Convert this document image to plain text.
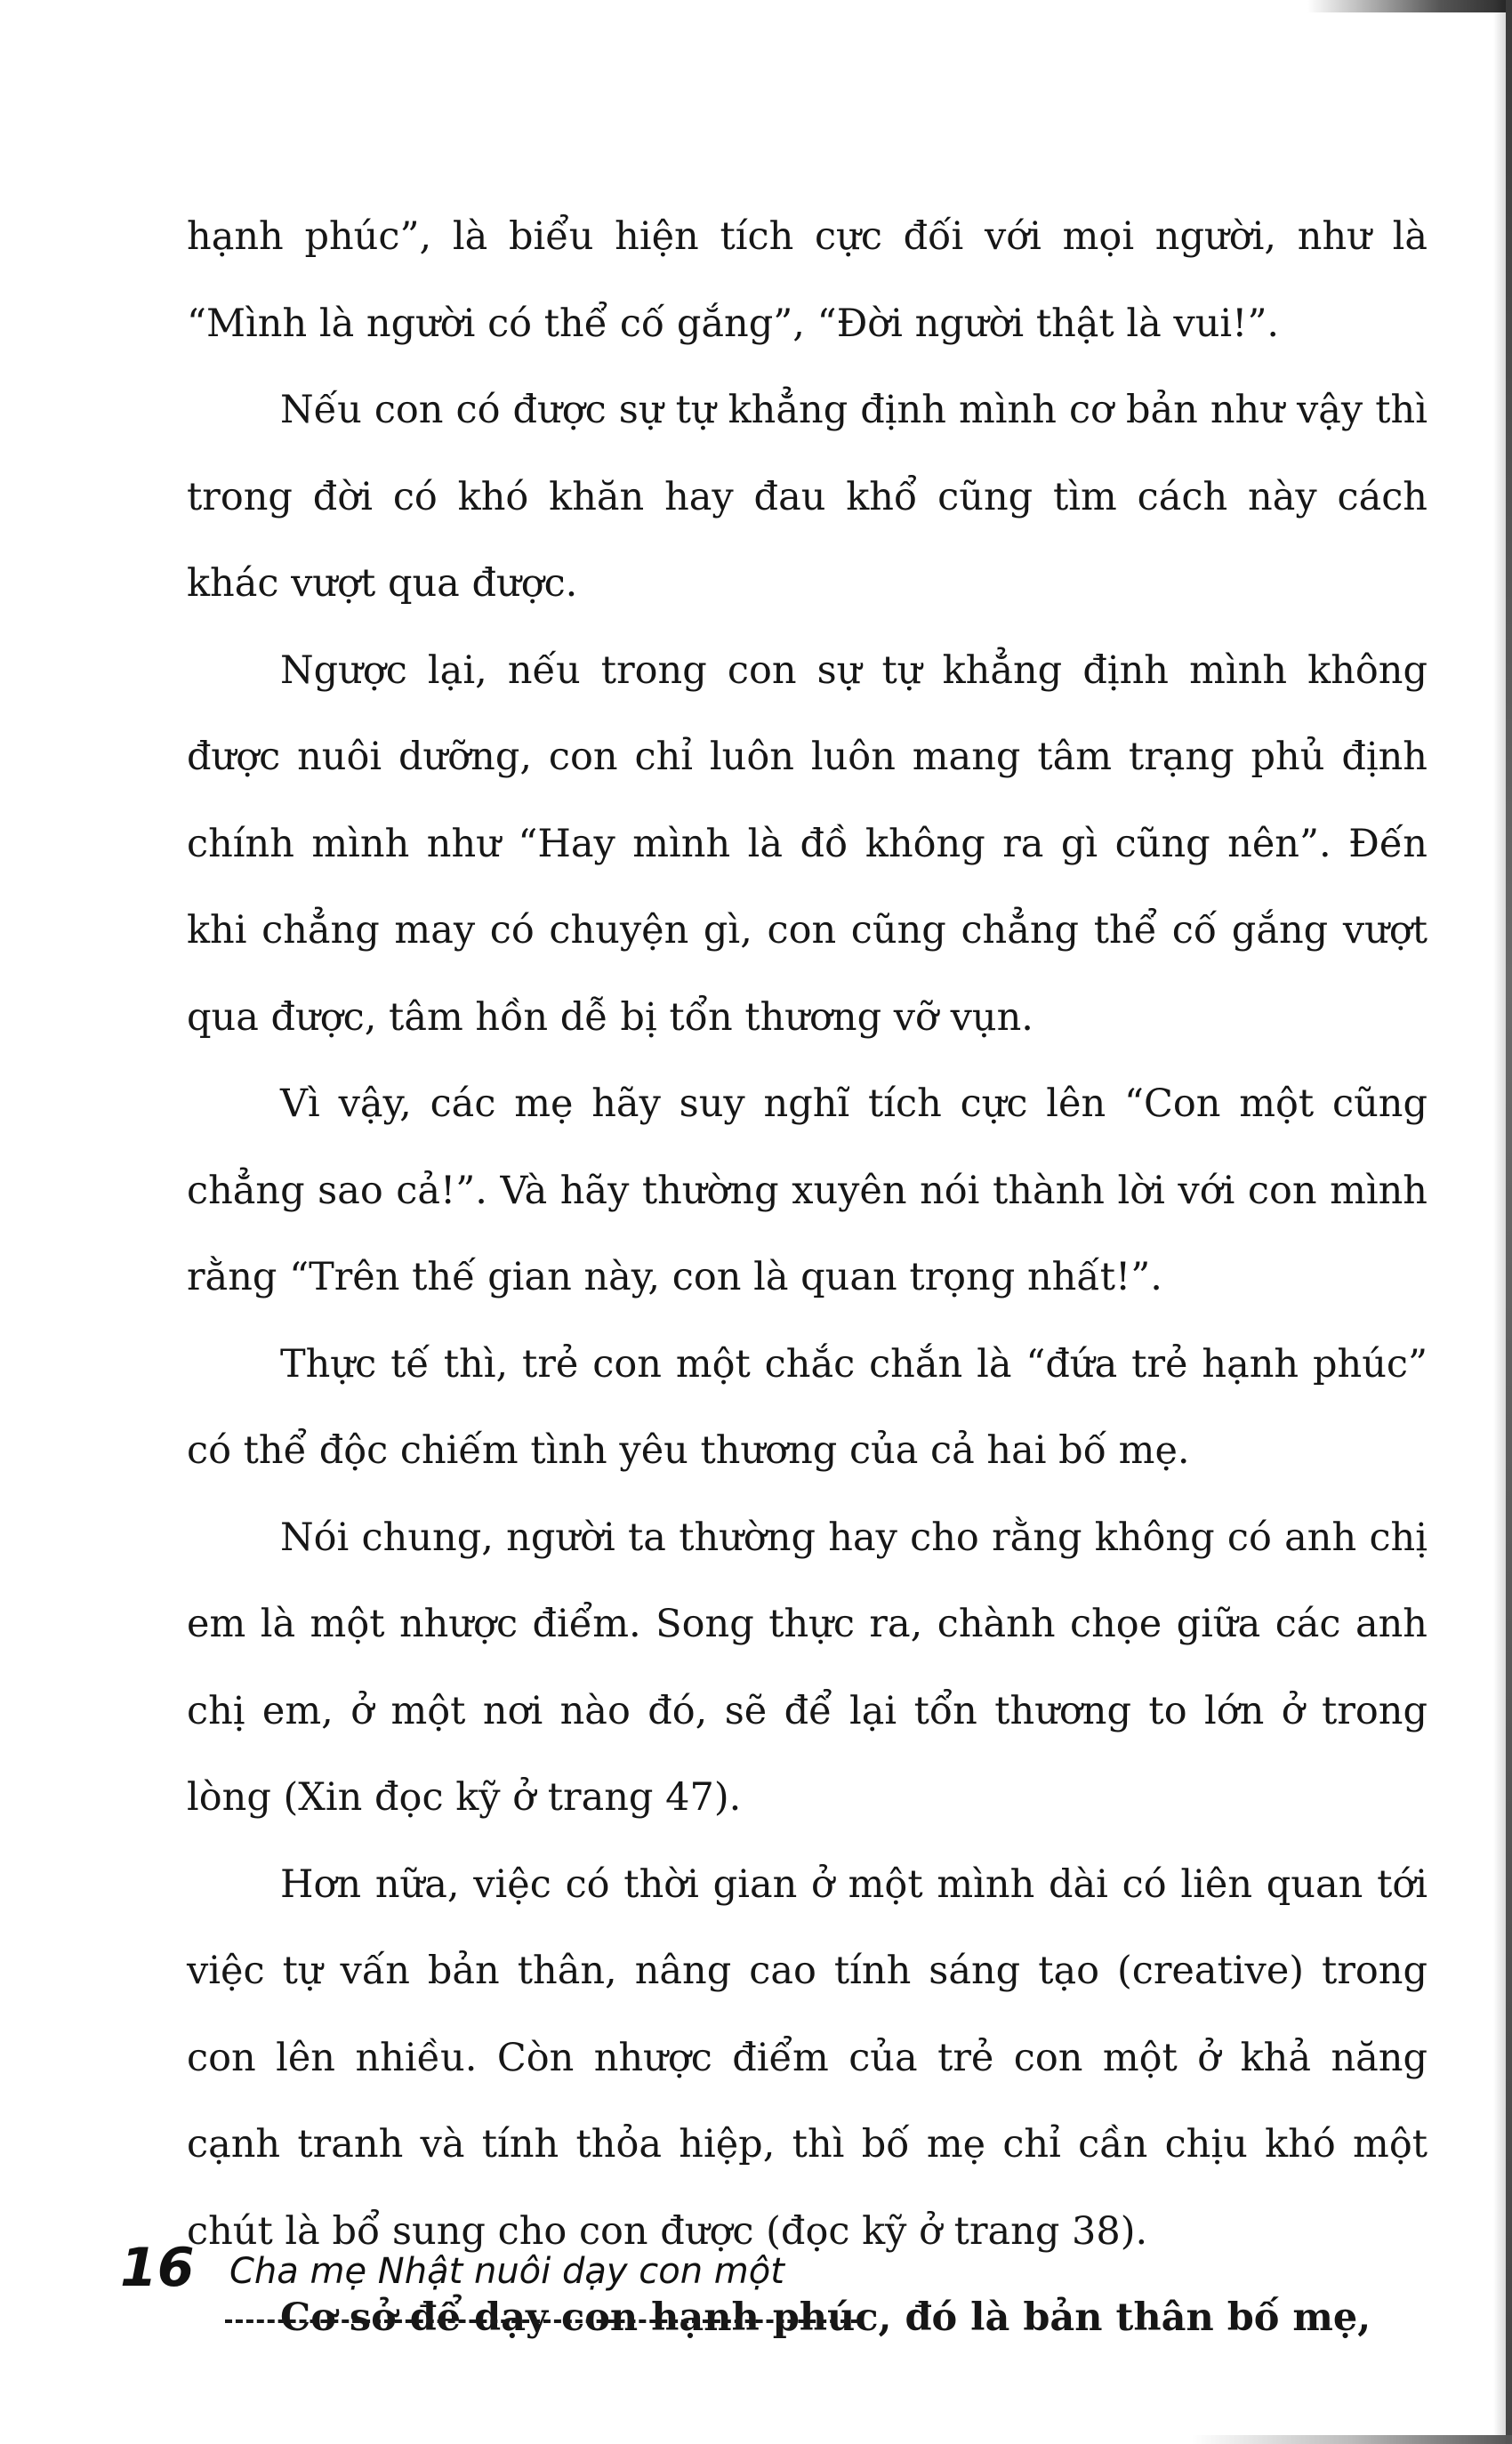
hạnh phúc”, là biểu hiện tích cực đối với mọi người, như là “Mình là người có thể cố gắng”, “Đời người thật là vui!”.

Nếu con có được sự tự khẳng định mình cơ bản như vậy thì trong đời có khó khăn hay đau khổ cũng tìm cách này cách khác vượt qua được.

Ngược lại, nếu trong con sự tự khẳng định mình không được nuôi dưỡng, con chỉ luôn luôn mang tâm trạng phủ định chính mình như “Hay mình là đồ không ra gì cũng nên”. Đến khi chẳng may có chuyện gì, con cũng chẳng thể cố gắng vượt qua được, tâm hồn dễ bị tổn thương vỡ vụn.

Vì vậy, các mẹ hãy suy nghĩ tích cực lên “Con một cũng chẳng sao cả!”. Và hãy thường xuyên nói thành lời với con mình rằng “Trên thế gian này, con là quan trọng nhất!”.

Thực tế thì, trẻ con một chắc chắn là “đứa trẻ hạnh phúc” có thể độc chiếm tình yêu thương của cả hai bố mẹ.

Nói chung, người ta thường hay cho rằng không có anh chị em là một nhược điểm. Song thực ra, chành chọe giữa các anh chị em, ở một nơi nào đó, sẽ để lại tổn thương to lớn ở trong lòng (Xin đọc kỹ ở trang 47).

Hơn nữa, việc có thời gian ở một mình dài có liên quan tới việc tự vấn bản thân, nâng cao tính sáng tạo (creative) trong con lên nhiều. Còn nhược điểm của trẻ con một ở khả năng cạnh tranh và tính thỏa hiệp, thì bố mẹ chỉ cần chịu khó một chút là bổ sung cho con được (đọc kỹ ở trang 38).

Cơ sở để dạy con hạnh phúc, đó là bản thân bố mẹ,

16 Cha mẹ Nhật nuôi dạy con một
